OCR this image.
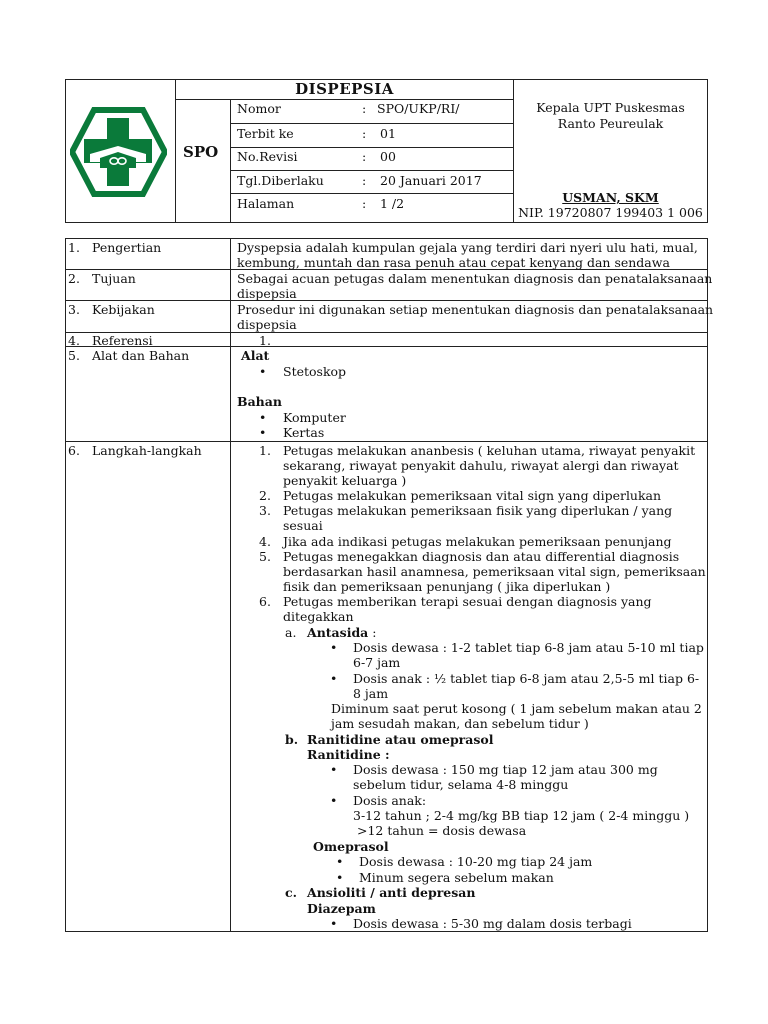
DISPEPSIA
SPO
Nomor	: SPO/UKP/RI/
Terbit ke	: 01
No.Revisi	: 00
Tgl.Diberlaku	: 20 Januari 2017
Halaman	: 1 /2
Kepala UPT Puskesmas
Ranto Peureulak
USMAN, SKM
NIP. 19720807 199403 1 006
1. Pengertian	Dyspepsia adalah kumpulan gejala yang terdiri dari nyeri ulu hati, mual,
kembung, muntah dan rasa penuh atau cepat kenyang dan sendawa
2. Tujuan	Sebagai acuan petugas dalam menentukan diagnosis dan penatalaksanaan
dispepsia
3. Kebijakan	Prosedur ini digunakan setiap menentukan diagnosis dan penatalaksanaan
dispepsia
4. Referensi	1.
5. Alat dan Bahan	Alat
• Stetoskop
Bahan
• Komputer
• Kertas
6. Langkah-langkah	1. Petugas melakukan ananbesis ( keluhan utama, riwayat penyakit
sekarang, riwayat penyakit dahulu, riwayat alergi dan riwayat
penyakit keluarga )
2. Petugas melakukan pemeriksaan vital sign yang diperlukan
3. Petugas melakukan pemeriksaan fisik yang diperlukan / yang
sesuai
4. Jika ada indikasi petugas melakukan pemeriksaan penunjang
5. Petugas menegakkan diagnosis dan atau differential diagnosis
berdasarkan hasil anamnesa, pemeriksaan vital sign, pemeriksaan
fisik dan pemeriksaan penunjang ( jika diperlukan )
6. Petugas memberikan terapi sesuai dengan diagnosis yang
ditegakkan
a. Antasida :
• Dosis dewasa : 1-2 tablet tiap 6-8 jam atau 5-10 ml tiap
6-7 jam
• Dosis anak : ½ tablet tiap 6-8 jam atau 2,5-5 ml tiap 6-
8 jam
Diminum saat perut kosong ( 1 jam sebelum makan atau 2
jam sesudah makan, dan sebelum tidur )
b. Ranitidine atau omeprasol
Ranitidine :
• Dosis dewasa : 150 mg tiap 12 jam atau 300 mg
sebelum tidur, selama 4-8 minggu
• Dosis anak:
3-12 tahun ; 2-4 mg/kg BB tiap 12 jam ( 2-4 minggu )
>12 tahun = dosis dewasa
Omeprasol
• Dosis dewasa : 10-20 mg tiap 24 jam
• Minum segera sebelum makan
c. Ansioliti / anti depresan
Diazepam
• Dosis dewasa : 5-30 mg dalam dosis terbagi
